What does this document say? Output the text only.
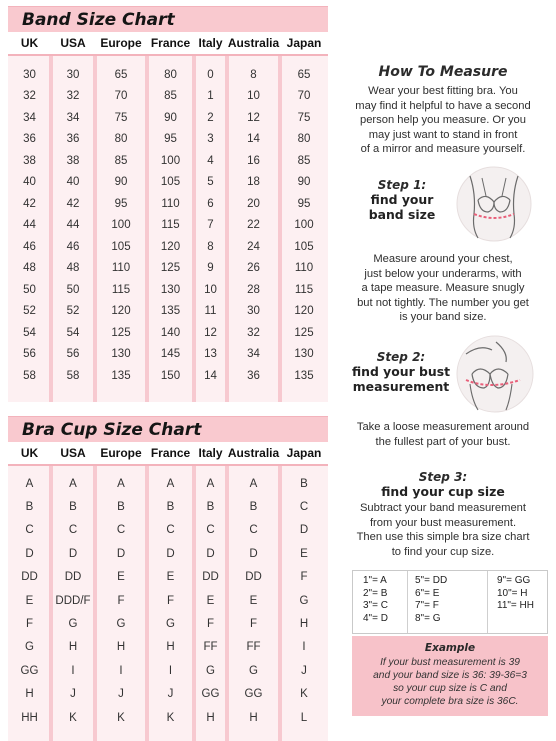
Band Size Chart
UK	USA	Europe France Italy Australia Japan
30	30	65	80	0	8	65
32	32	70	85	1	10	70
34	34	75	90	2	12	75
36	36	80	95	3	14	80
38	38	85	100	4	16	85
40	40	90	105	5	18	90
42	42	95	110	6	20	95
44	44	100	115	7	22	100
46	46	105	120	8	24	105
48	48	110	125	9	26	110
50	50	115	130	10	28	115
52	52	120	135	11	30	120
54	54	125	140	12	32	125
56	56	130	145	13	34	130
58	58	135	150	14	36	135
Bra Cup Size Chart
UK	USA	Europe France Italy Australia Japan
A	A	A	A	A	A	B
B	B	B	B	B	B	C
C	C	C	C	C	C	D
D	D	D	D	D	D	E
DD	DD	E	E	DD	DD	F
E	DDD/F	F	F	E	E	G
F	G	G	G	F	F	H
G	H	H	H	FF	FF	I
GG	I	I	I	G	G	J
H	J	J	J	GG	GG	K
HH	K	K	K	H	H	L
How To Measure
Wear your best fitting bra. You
may find it helpful to have a second
person help you measure. Or you
may just want to stand in front
of a mirror and measure yourself.
Step 1:
find your
band size
Measure around your chest,
just below your underarms, with
a tape measure. Measure snugly
but not tightly. The number you get
is your band size.
Step 2:
find your bust
measurement
Take a loose measurement around
the fullest part of your bust.
Step 3:
find your cup size
Subtract your band measurement
from your bust measurement.
Then use this simple bra size chart
to find your cup size.
1"= A
2"= B
3"= C
4"= D
5"= DD
6"= E
7"= F
8"= G
9"= GG
10"= H
11"= HH
Example
If your bust measurement is 39
and your band size is 36: 39-36=3
so your cup size is C and
your complete bra size is 36C.
